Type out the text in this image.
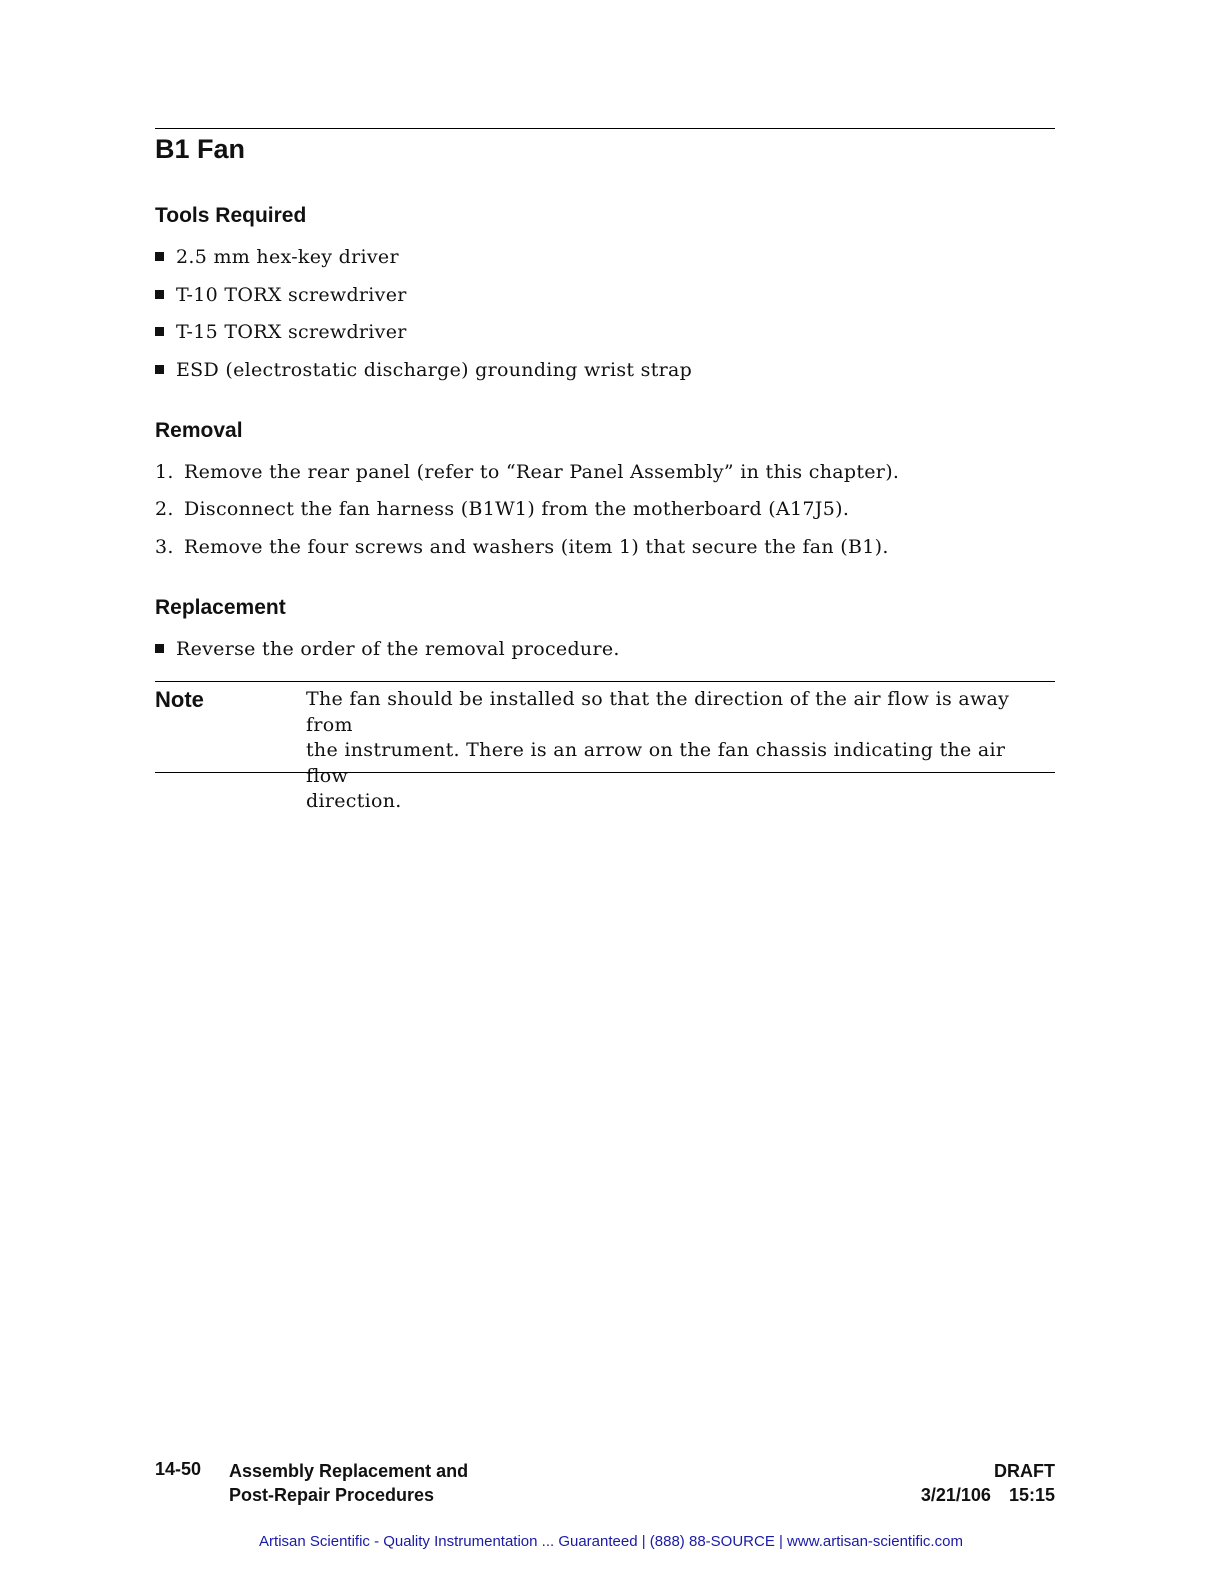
B1 Fan
Tools Required
2.5 mm hex-key driver
T-10 TORX screwdriver
T-15 TORX screwdriver
ESD (electrostatic discharge) grounding wrist strap
Removal
1. Remove the rear panel (refer to “Rear Panel Assembly” in this chapter).
2. Disconnect the fan harness (B1W1) from the motherboard (A17J5).
3. Remove the four screws and washers (item 1) that secure the fan (B1).
Replacement
Reverse the order of the removal procedure.
Note	The fan should be installed so that the direction of the air flow is away from
the instrument. There is an arrow on the fan chassis indicating the air flow
direction.
14-50 Assembly Replacement and
Post-Repair Procedures
DRAFT
3/21/106 15:15
Artisan Scientific - Quality Instrumentation ... Guaranteed | (888) 88-SOURCE | www.artisan-scientific.com
